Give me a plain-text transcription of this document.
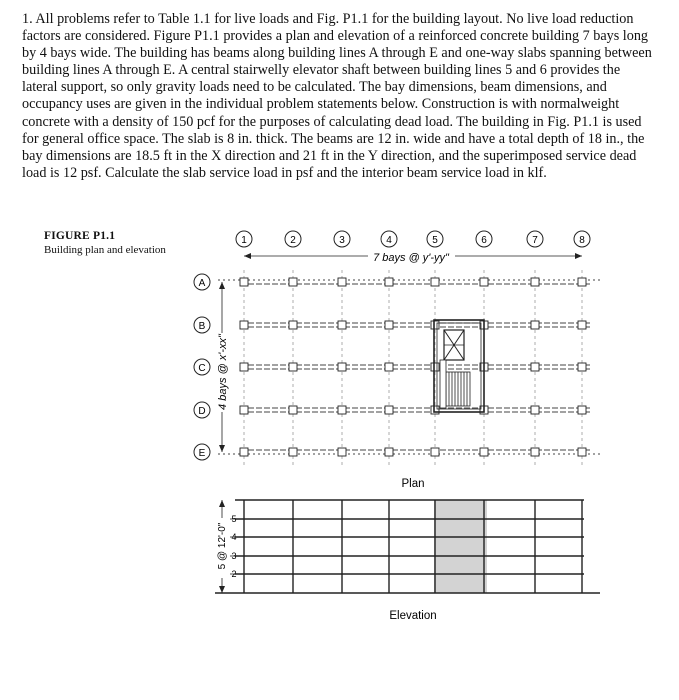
1. All problems refer to Table 1.1 for live loads and Fig. P1.1 for the building layout. No live load reduction factors are considered. Figure P1.1 provides a plan and elevation of a reinforced concrete building 7 bays long by 4 bays wide. The building has beams along building lines A through E and one-way slabs spanning between building lines A through E. A central stairwelly elevator shaft between building lines 5 and 6 provides the lateral support, so only gravity loads need to be calculated. The bay dimensions, beam dimensions, and occupancy uses are given in the individual problem statements below. Construction is with normalweight concrete with a density of 150 pcf for the purposes of calculating dead load. The building in Fig. P1.1 is used for general office space. The slab is 8 in. thick. The beams are 12 in. wide and have a total depth of 18 in., the bay dimensions are 18.5 ft in the X direction and 21 ft in the Y direction, and the superimposed service dead load is 12 psf. Calculate the slab service load in psf and the interior beam service load in klf.

FIGURE P1.1
Building plan and elevation
1	2	3	4	5	6	7	8
7 bays @ y'-yy"
A
B
C
D
E
4 bays @ x'-xx"
Plan
5
4
3
2
5 @ 12'-0"
Elevation
